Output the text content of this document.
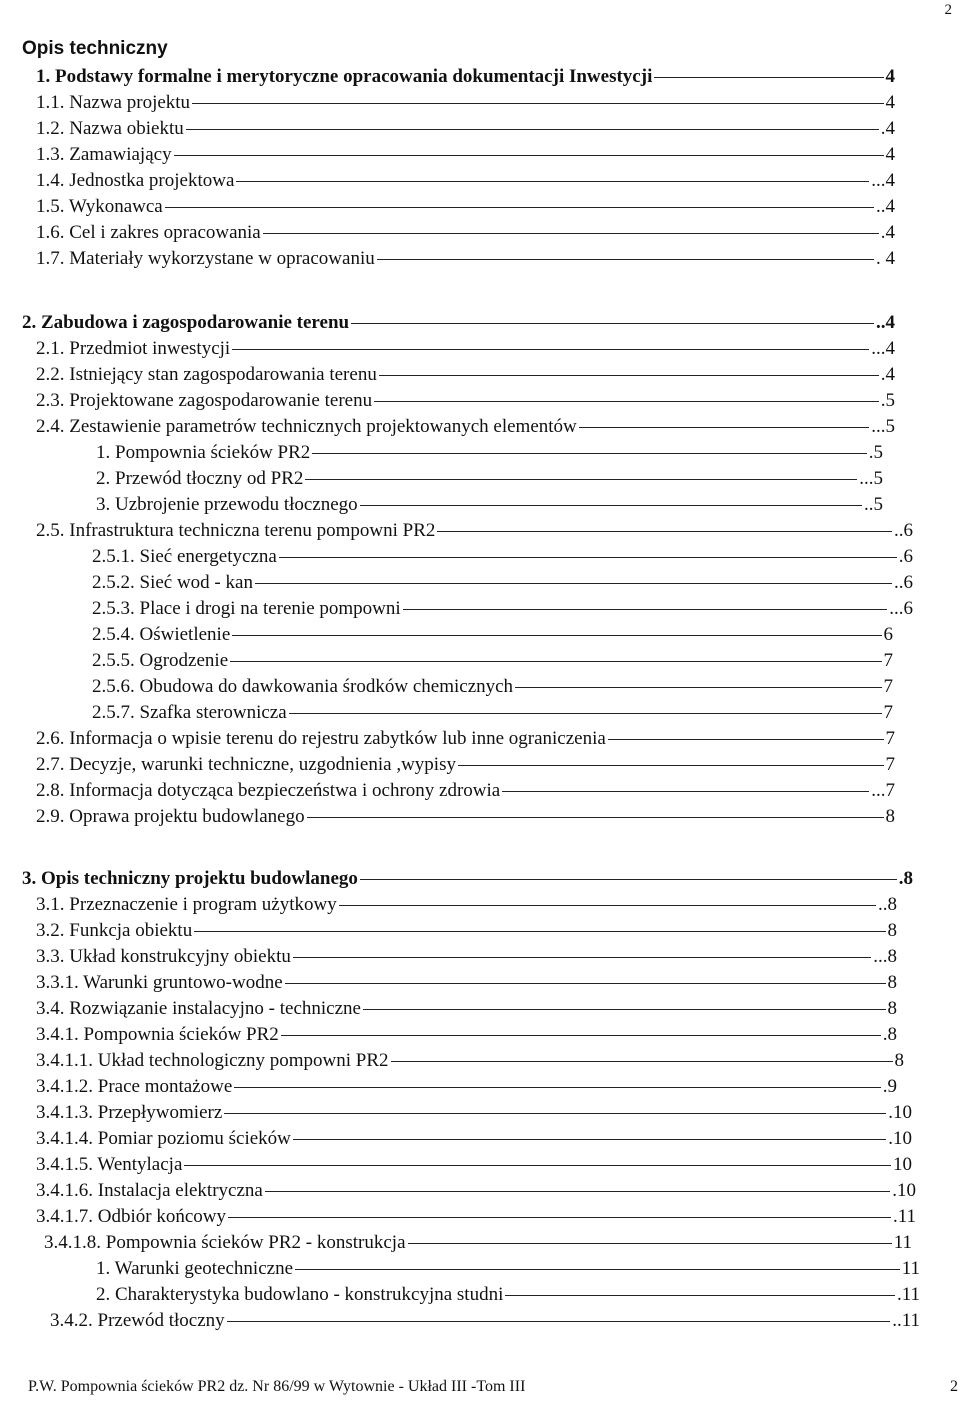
2
Opis techniczny
1. Podstawy formalne i merytoryczne opracowania dokumentacji Inwestycji	4
1.1. Nazwa projektu	4
1.2. Nazwa obiektu	.4
1.3. Zamawiający	4
1.4. Jednostka projektowa	...4
1.5. Wykonawca	..4
1.6. Cel i zakres opracowania	.4
1.7. Materiały wykorzystane w opracowaniu	. 4
2. Zabudowa i zagospodarowanie terenu	..4
2.1. Przedmiot inwestycji	...4
2.2. Istniejący stan zagospodarowania terenu	.4
2.3. Projektowane zagospodarowanie terenu	.5
2.4. Zestawienie parametrów technicznych projektowanych elementów	...5
1. Pompownia ścieków PR2	.5
2. Przewód tłoczny od PR2	...5
3. Uzbrojenie przewodu tłocznego	..5
2.5. Infrastruktura techniczna terenu pompowni PR2	..6
2.5.1. Sieć energetyczna	.6
2.5.2. Sieć wod - kan	..6
2.5.3. Place i drogi na terenie pompowni	...6
2.5.4. Oświetlenie	6
2.5.5. Ogrodzenie	7
2.5.6. Obudowa do dawkowania środków chemicznych	7
2.5.7. Szafka sterownicza	7
2.6. Informacja o wpisie terenu do rejestru zabytków lub inne ograniczenia	7
2.7. Decyzje, warunki techniczne, uzgodnienia ,wypisy	7
2.8. Informacja dotycząca bezpieczeństwa i ochrony zdrowia	...7
2.9. Oprawa projektu budowlanego	8
3. Opis techniczny projektu budowlanego	.8
3.1. Przeznaczenie i program użytkowy	..8
3.2. Funkcja obiektu	8
3.3. Układ konstrukcyjny obiektu	...8
3.3.1. Warunki gruntowo-wodne	8
3.4. Rozwiązanie instalacyjno - techniczne	8
3.4.1. Pompownia ścieków PR2	.8
3.4.1.1. Układ technologiczny pompowni PR2	8
3.4.1.2. Prace montażowe	.9
3.4.1.3. Przepływomierz	.10
3.4.1.4. Pomiar poziomu ścieków	.10
3.4.1.5. Wentylacja	10
3.4.1.6. Instalacja elektryczna	.10
3.4.1.7. Odbiór końcowy	.11
3.4.1.8. Pompownia ścieków PR2 - konstrukcja	11
1. Warunki geotechniczne	11
2. Charakterystyka budowlano - konstrukcyjna studni	.11
3.4.2. Przewód tłoczny	..11
P.W. Pompownia ścieków PR2 dz. Nr 86/99 w Wytownie - Układ III -Tom III	2
